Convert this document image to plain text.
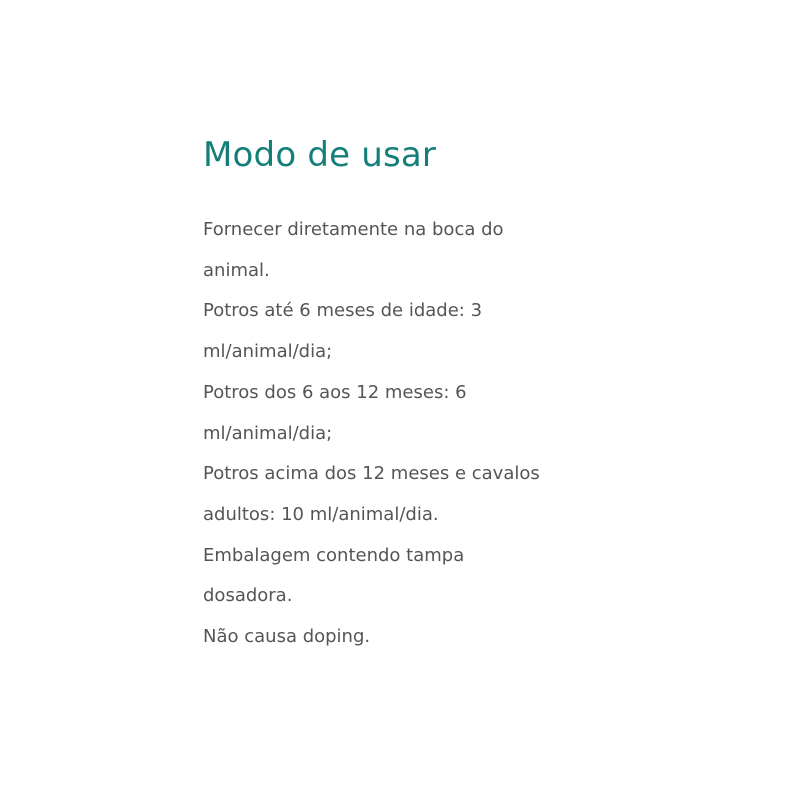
Modo de usar
Fornecer diretamente na boca do
animal.
Potros até 6 meses de idade: 3
ml/animal/dia;
Potros dos 6 aos 12 meses: 6
ml/animal/dia;
Potros acima dos 12 meses e cavalos
adultos: 10 ml/animal/dia.
Embalagem contendo tampa
dosadora.
Não causa doping.
